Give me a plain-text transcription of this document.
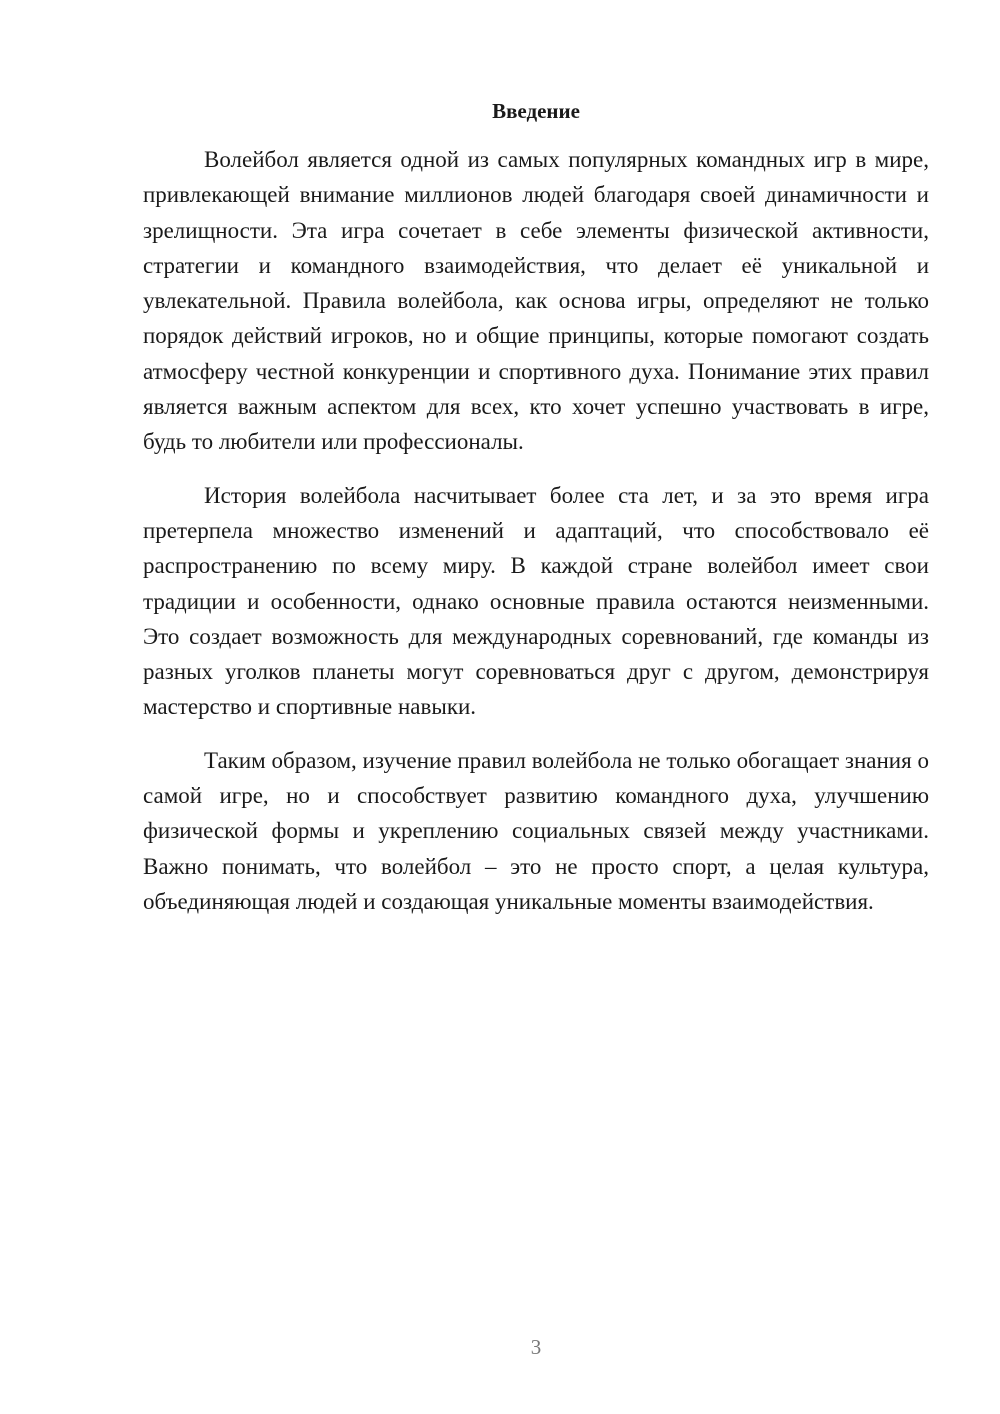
Введение

Волейбол является одной из самых популярных командных игр в мире, привлекающей внимание миллионов людей благодаря своей динамичности и зрелищности. Эта игра сочетает в себе элементы физической активности, стратегии и командного взаимодействия, что делает её уникальной и увлекательной. Правила волейбола, как основа игры, определяют не только порядок действий игроков, но и общие принципы, которые помогают создать атмосферу честной конкуренции и спортивного духа. Понимание этих правил является важным аспектом для всех, кто хочет успешно участвовать в игре, будь то любители или профессионалы.

История волейбола насчитывает более ста лет, и за это время игра претерпела множество изменений и адаптаций, что способствовало её распространению по всему миру. В каждой стране волейбол имеет свои традиции и особенности, однако основные правила остаются неизменными. Это создает возможность для международных соревнований, где команды из разных уголков планеты могут соревноваться друг с другом, демонстрируя мастерство и спортивные навыки.

Таким образом, изучение правил волейбола не только обогащает знания о самой игре, но и способствует развитию командного духа, улучшению физической формы и укреплению социальных связей между участниками. Важно понимать, что волейбол – это не просто спорт, а целая культура, объединяющая людей и создающая уникальные моменты взаимодействия.

3
